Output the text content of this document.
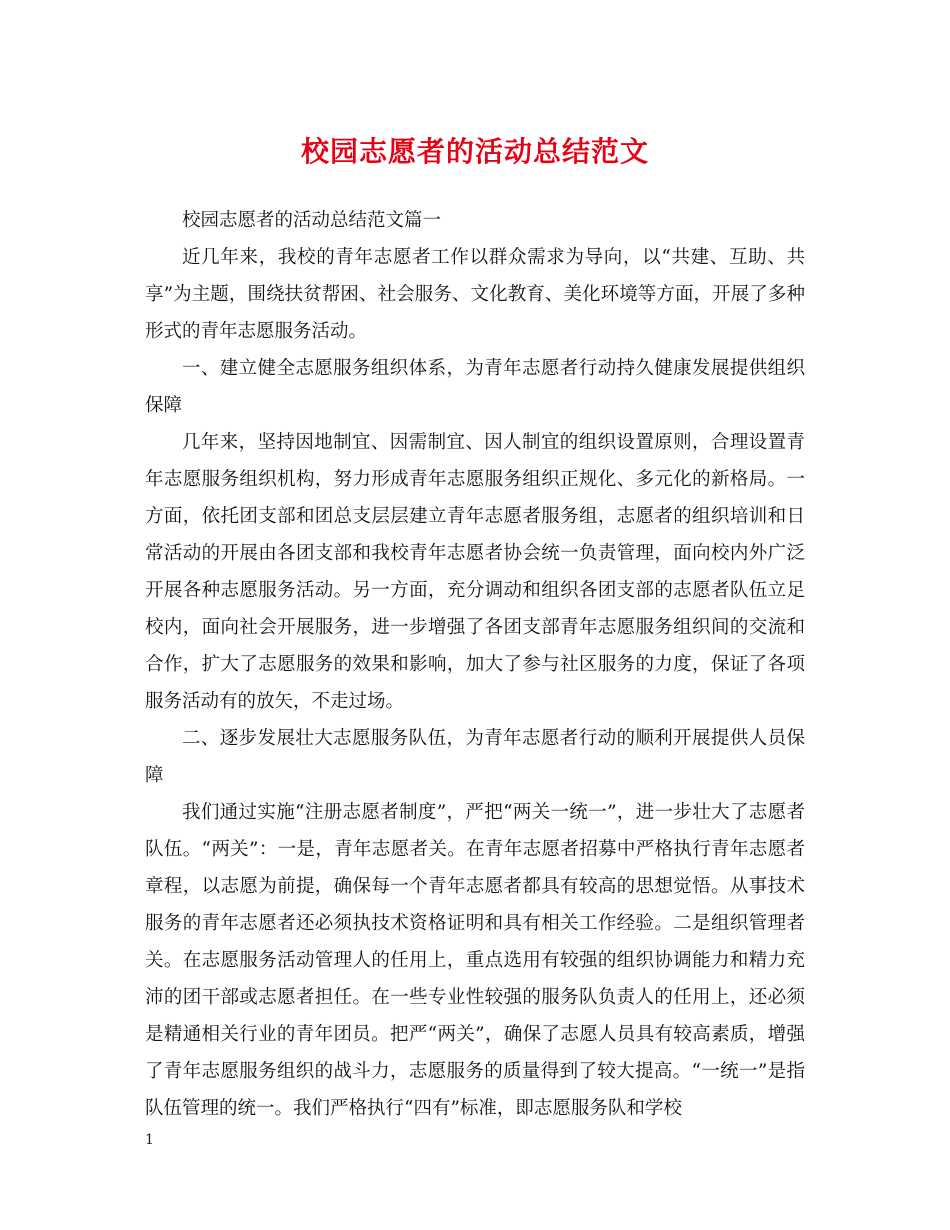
校园志愿者的活动总结范文

校园志愿者的活动总结范文篇一

近几年来，我校的青年志愿者工作以群众需求为导向，以“共建、互助、共享”为主题，围绕扶贫帮困、社会服务、文化教育、美化环境等方面，开展了多种形式的青年志愿服务活动。

一、建立健全志愿服务组织体系，为青年志愿者行动持久健康发展提供组织保障

几年来，坚持因地制宜、因需制宜、因人制宜的组织设置原则，合理设置青年志愿服务组织机构，努力形成青年志愿服务组织正规化、多元化的新格局。一方面，依托团支部和团总支层层建立青年志愿者服务组，志愿者的组织培训和日常活动的开展由各团支部和我校青年志愿者协会统一负责管理，面向校内外广泛开展各种志愿服务活动。另一方面，充分调动和组织各团支部的志愿者队伍立足校内，面向社会开展服务，进一步增强了各团支部青年志愿服务组织间的交流和合作，扩大了志愿服务的效果和影响，加大了参与社区服务的力度，保证了各项服务活动有的放矢，不走过场。

二、逐步发展壮大志愿服务队伍，为青年志愿者行动的顺利开展提供人员保障

我们通过实施“注册志愿者制度”，严把“两关一统一”，进一步壮大了志愿者队伍。“两关”：一是，青年志愿者关。在青年志愿者招募中严格执行青年志愿者章程，以志愿为前提，确保每一个青年志愿者都具有较高的思想觉悟。从事技术服务的青年志愿者还必须执技术资格证明和具有相关工作经验。二是组织管理者关。在志愿服务活动管理人的任用上，重点选用有较强的组织协调能力和精力充沛的团干部或志愿者担任。在一些专业性较强的服务队负责人的任用上，还必须是精通相关行业的青年团员。把严“两关”，确保了志愿人员具有较高素质，增强了青年志愿服务组织的战斗力，志愿服务的质量得到了较大提高。“一统一”是指队伍管理的统一。我们严格执行“四有”标准，即志愿服务队和学校

1
